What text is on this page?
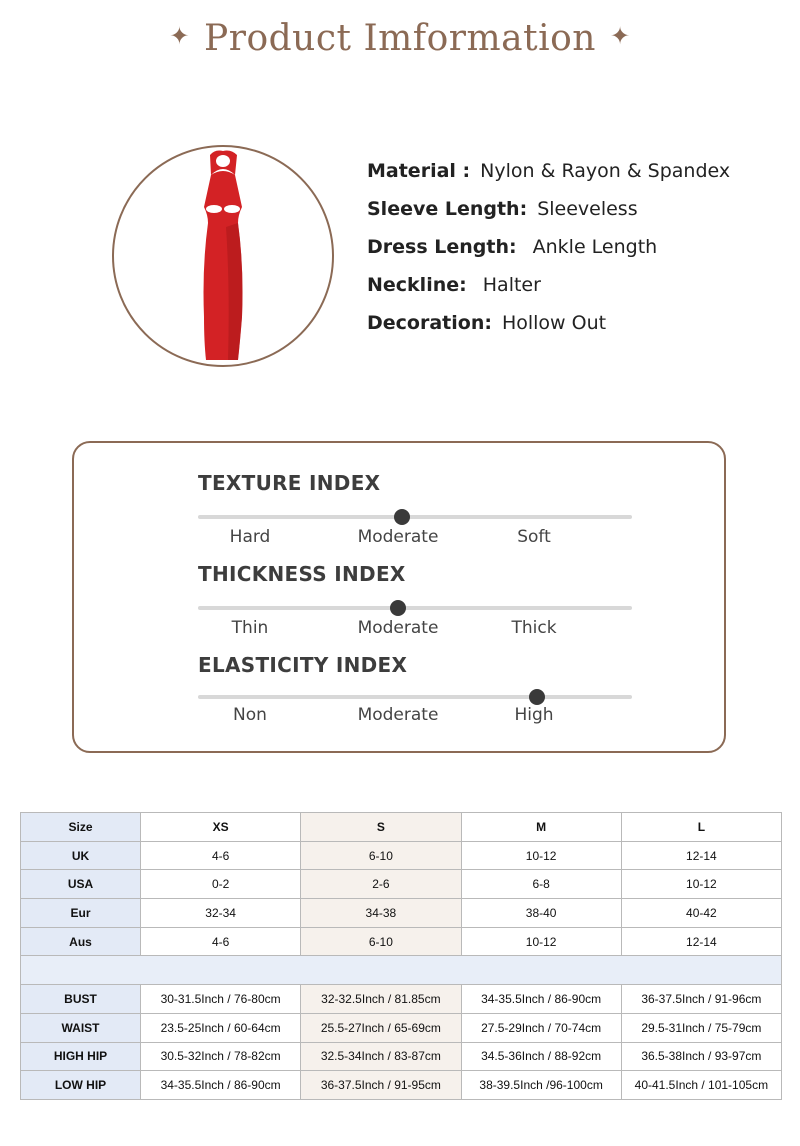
✦ Product Imformation ✦
Material : Nylon & Rayon & Spandex
Sleeve Length: Sleeveless
Dress Length: Ankle Length
Neckline: Halter
Decoration: Hollow Out
TEXTURE INDEX
Hard	Moderate	Soft
THICKNESS INDEX
Thin	Moderate	Thick
ELASTICITY INDEX
Non	Moderate	High
Size	XS	S	M	L
UK	4-6	6-10	10-12	12-14
USA	0-2	2-6	6-8	10-12
Eur	32-34	34-38	38-40	40-42
Aus	4-6	6-10	10-12	12-14

BUST	30-31.5Inch / 76-80cm	32-32.5Inch / 81.85cm	34-35.5Inch / 86-90cm	36-37.5Inch / 91-96cm
WAIST	23.5-25Inch / 60-64cm	25.5-27Inch / 65-69cm	27.5-29Inch / 70-74cm	29.5-31Inch / 75-79cm
HIGH HIP	30.5-32Inch / 78-82cm	32.5-34Inch / 83-87cm	34.5-36Inch / 88-92cm	36.5-38Inch / 93-97cm
LOW HIP	34-35.5Inch / 86-90cm	36-37.5Inch / 91-95cm	38-39.5Inch /96-100cm	40-41.5Inch / 101-105cm
